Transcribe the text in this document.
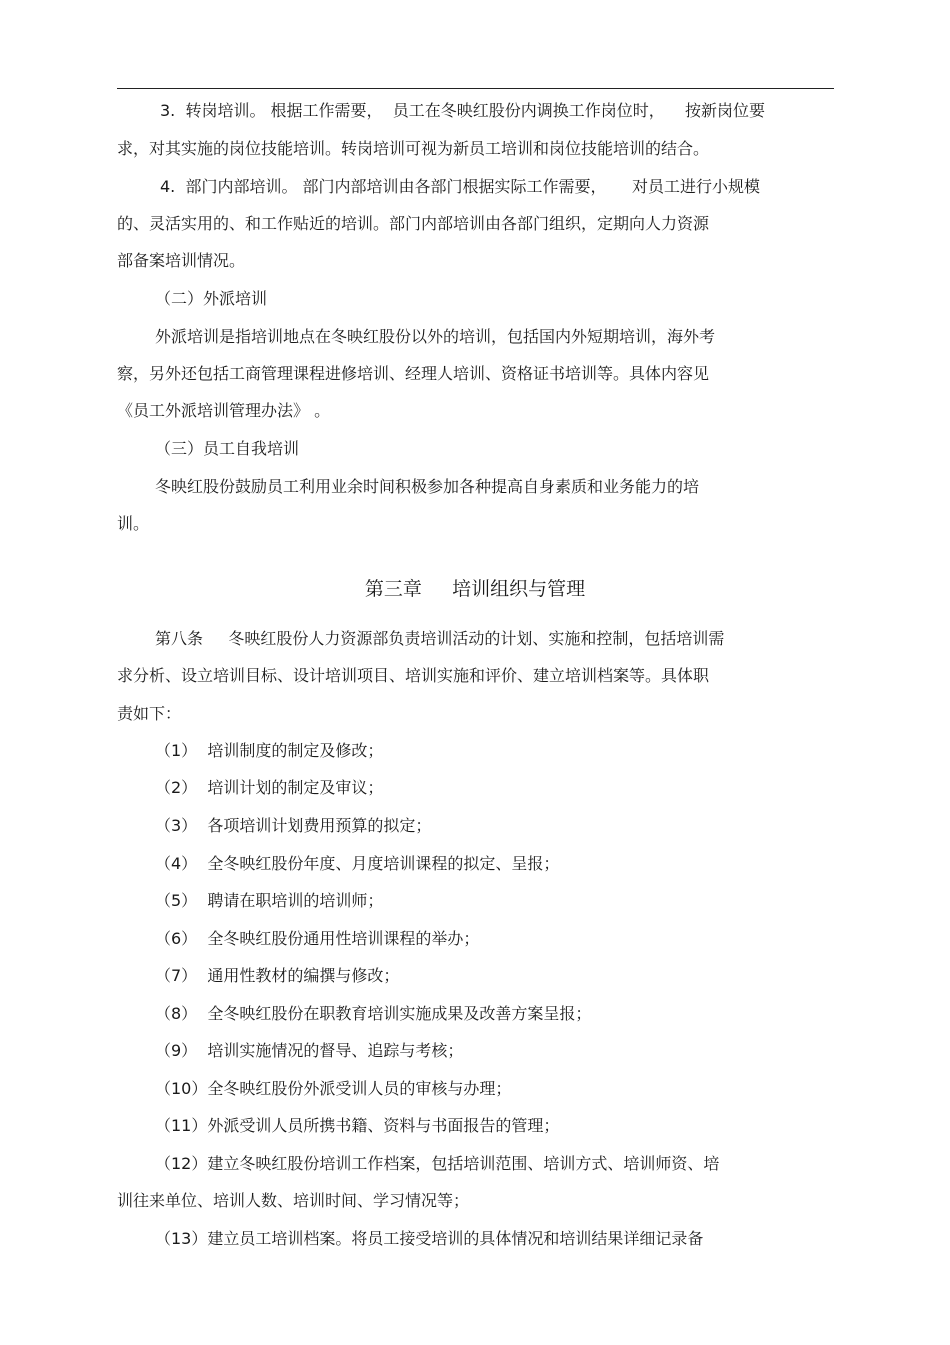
3.  转岗培训。 根据工作需要，  员工在冬映红股份内调换工作岗位时，    按新岗位要
求，对其实施的岗位技能培训。转岗培训可视为新员工培训和岗位技能培训的结合。
4.  部门内部培训。 部门内部培训由各部门根据实际工作需要，     对员工进行小规模
的、灵活实用的、和工作贴近的培训。部门内部培训由各部门组织，定期向人力资源
部备案培训情况。
（二）外派培训
外派培训是指培训地点在冬映红股份以外的培训，包括国内外短期培训，海外考
察，另外还包括工商管理课程进修培训、经理人培训、资格证书培训等。具体内容见
《员工外派培训管理办法》 。
（三）员工自我培训
冬映红股份鼓励员工利用业余时间积极参加各种提高自身素质和业务能力的培
训。
第三章     培训组织与管理
第八条     冬映红股份人力资源部负责培训活动的计划、实施和控制，包括培训需
求分析、设立培训目标、设计培训项目、培训实施和评价、建立培训档案等。具体职
责如下：
（1）  培训制度的制定及修改；
（2）  培训计划的制定及审议；
（3）  各项培训计划费用预算的拟定；
（4）  全冬映红股份年度、月度培训课程的拟定、呈报；
（5）  聘请在职培训的培训师；
（6）  全冬映红股份通用性培训课程的举办；
（7）  通用性教材的编撰与修改；
（8）  全冬映红股份在职教育培训实施成果及改善方案呈报；
（9）  培训实施情况的督导、追踪与考核；
（10）全冬映红股份外派受训人员的审核与办理；
（11）外派受训人员所携书籍、资料与书面报告的管理；
（12）建立冬映红股份培训工作档案，包括培训范围、培训方式、培训师资、培
训往来单位、培训人数、培训时间、学习情况等；
（13）建立员工培训档案。将员工接受培训的具体情况和培训结果详细记录备
